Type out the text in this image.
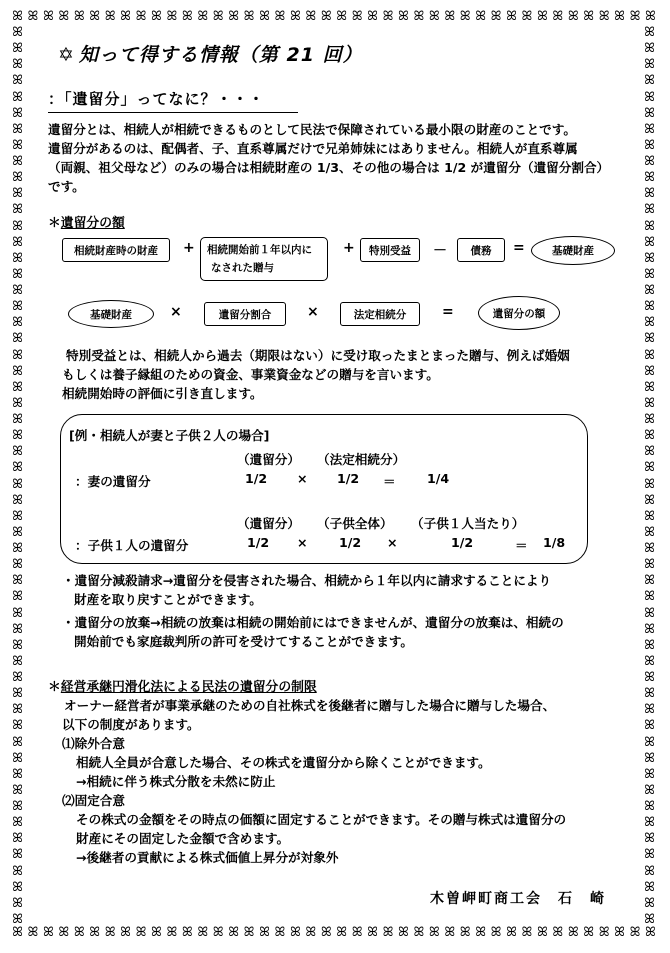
ꕤ ꕤ ꕤ ꕤ ꕤ ꕤ ꕤ ꕤ ꕤ ꕤ ꕤ ꕤ ꕤ ꕤ ꕤ ꕤ ꕤ ꕤ ꕤ ꕤ ꕤ ꕤ ꕤ ꕤ ꕤ ꕤ ꕤ ꕤ ꕤ ꕤ ꕤ ꕤ ꕤ ꕤ ꕤ ꕤ ꕤ ꕤ ꕤ ꕤ ꕤ ꕤ
ꕤ ꕤ ꕤ ꕤ ꕤ ꕤ ꕤ ꕤ ꕤ ꕤ ꕤ ꕤ ꕤ ꕤ ꕤ ꕤ ꕤ ꕤ ꕤ ꕤ ꕤ ꕤ ꕤ ꕤ ꕤ ꕤ ꕤ ꕤ ꕤ ꕤ ꕤ ꕤ ꕤ ꕤ ꕤ ꕤ ꕤ ꕤ ꕤ ꕤ ꕤ ꕤ
ꕤ
ꕤ
ꕤ
ꕤ
ꕤ
ꕤ
ꕤ
ꕤ
ꕤ
ꕤ
ꕤ
ꕤ
ꕤ
ꕤ
ꕤ
ꕤ
ꕤ
ꕤ
ꕤ
ꕤ
ꕤ
ꕤ
ꕤ
ꕤ
ꕤ
ꕤ
ꕤ
ꕤ
ꕤ
ꕤ
ꕤ
ꕤ
ꕤ
ꕤ
ꕤ
ꕤ
ꕤ
ꕤ
ꕤ
ꕤ
ꕤ
ꕤ
ꕤ
ꕤ
ꕤ
ꕤ
ꕤ
ꕤ
ꕤ
ꕤ
ꕤ
ꕤ
ꕤ
ꕤ
ꕤ
ꕤ
ꕤ
ꕤ
ꕤ
ꕤ
ꕤ
ꕤ
ꕤ
ꕤ
ꕤ
ꕤ
ꕤ
ꕤ
ꕤ
ꕤ
ꕤ
ꕤ
ꕤ
ꕤ
ꕤ
ꕤ
ꕤ
ꕤ
ꕤ
ꕤ
ꕤ
ꕤ
ꕤ
ꕤ
ꕤ
ꕤ
ꕤ
ꕤ
ꕤ
ꕤ
ꕤ
ꕤ
ꕤ
ꕤ
ꕤ
ꕤ
ꕤ
ꕤ
ꕤ
ꕤ
ꕤ
ꕤ
ꕤ
ꕤ
ꕤ
ꕤ
ꕤ
ꕤ
ꕤ
ꕤ
ꕤ
ꕤ
✡ 知って得する情報（第 21 回）
：「遺留分」ってなに？・・・
遺留分とは、相続人が相続できるものとして民法で保障されている最小限の財産のことです。
遺留分があるのは、配偶者、子、直系尊属だけで兄弟姉妹にはありません。相続人が直系尊属
（両親、祖父母など）のみの場合は相続財産の 1/3、その他の場合は 1/2 が遺留分（遺留分割合）
です。
＊遺留分の額
相続財産時の財産	+ 相続開始前１年以内に
なされた贈与
+	特別受益	－	債務	=	基礎財産
基礎財産	×	遺留分割合	×	法定相続分	=	遺留分の額
特別受益とは、相続人から過去（期限はない）に受け取ったまとまった贈与、例えば婚姻
もしくは養子縁組のための資金、事業資金などの贈与を言います。
相続開始時の評価に引き直します。
[例・相続人が妻と子供２人の場合]
（遺留分） （法定相続分）
：妻の遺留分	1/2 × 1/2 ＝ 1/4
（遺留分） （子供全体） （子供１人当たり）
：子供１人の遺留分	1/2 × 1/2 ×	1/2	＝ 1/8
・遺留分減殺請求→遺留分を侵害された場合、相続から１年以内に請求することにより
財産を取り戻すことができます。
・遺留分の放棄→相続の放棄は相続の開始前にはできませんが、遺留分の放棄は、相続の
開始前でも家庭裁判所の許可を受けてすることができます。
＊経営承継円滑化法による民法の遺留分の制限
オーナー経営者が事業承継のための自社株式を後継者に贈与した場合に贈与した場合、
以下の制度があります。
⑴除外合意
相続人全員が合意した場合、その株式を遺留分から除くことができます。
→相続に伴う株式分散を未然に防止
⑵固定合意
その株式の金額をその時点の価額に固定することができます。その贈与株式は遺留分の
財産にその固定した金額で含めます。
→後継者の貢献による株式価値上昇分が対象外
木曽岬町商工会　石　崎
